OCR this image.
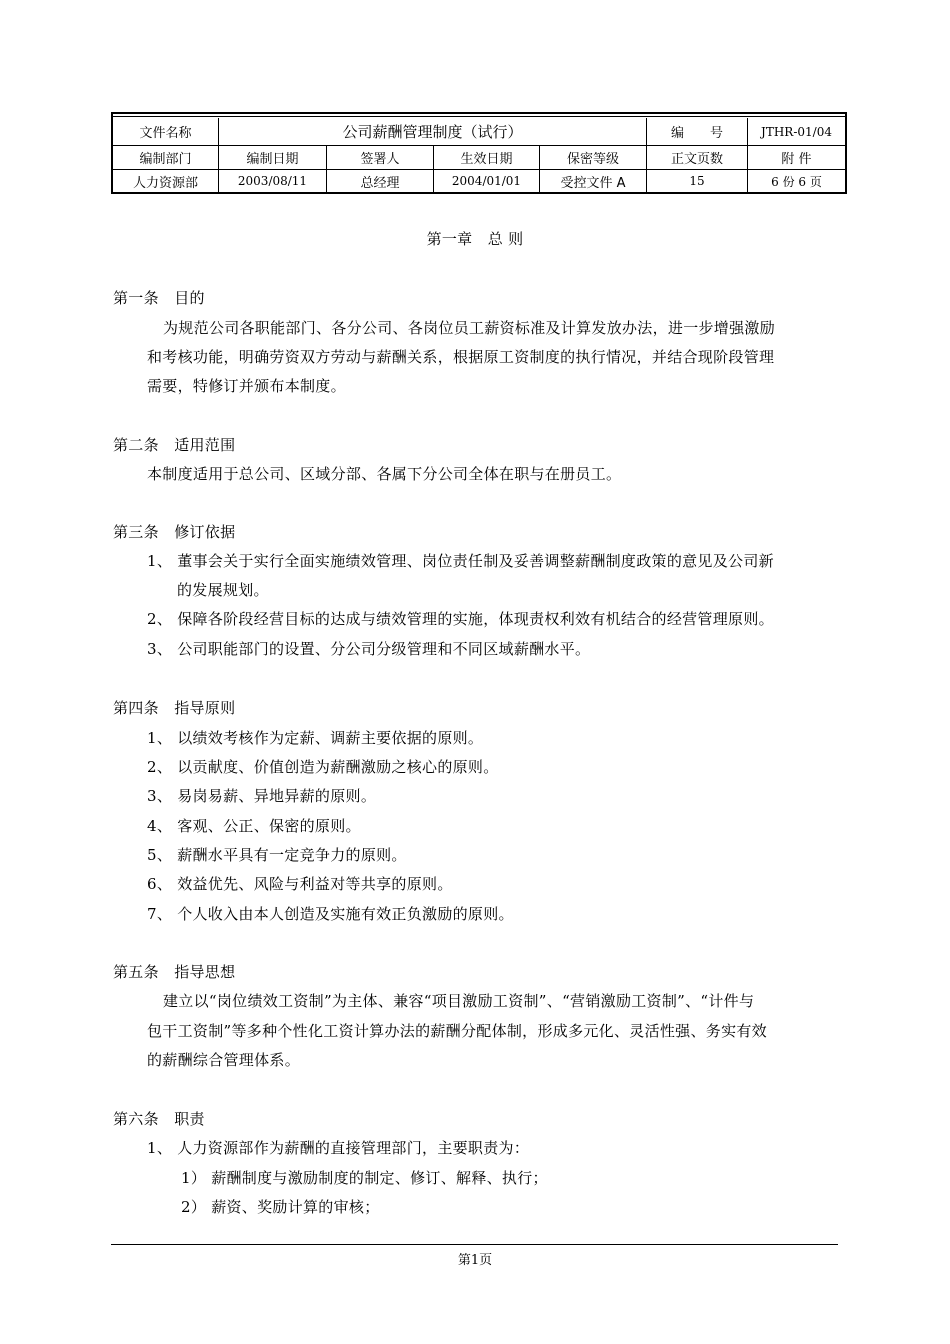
文件名称	公司薪酬管理制度（试行）	编　　号	JTHR-01/04
编制部门	编制日期	签署人	生效日期	保密等级	正文页数	附 件
人力资源部	2003/08/11	总经理	2004/01/01	受控文件 A	15	6 份 6 页
第一章　总 则
第一条　目的
为规范公司各职能部门、各分公司、各岗位员工薪资标准及计算发放办法，进一步增强激励
和考核功能，明确劳资双方劳动与薪酬关系，根据原工资制度的执行情况，并结合现阶段管理
需要，特修订并颁布本制度。
第二条　适用范围
本制度适用于总公司、区域分部、各属下分公司全体在职与在册员工。
第三条　修订依据
1、 董事会关于实行全面实施绩效管理、岗位责任制及妥善调整薪酬制度政策的意见及公司新
的发展规划。
2、 保障各阶段经营目标的达成与绩效管理的实施，体现责权利效有机结合的经营管理原则。
3、 公司职能部门的设置、分公司分级管理和不同区域薪酬水平。
第四条　指导原则
1、 以绩效考核作为定薪、调薪主要依据的原则。
2、 以贡献度、价值创造为薪酬激励之核心的原则。
3、 易岗易薪、异地异薪的原则。
4、 客观、公正、保密的原则。
5、 薪酬水平具有一定竞争力的原则。
6、 效益优先、风险与利益对等共享的原则。
7、 个人收入由本人创造及实施有效正负激励的原则。
第五条　指导思想
建立以“岗位绩效工资制”为主体、兼容“项目激励工资制”、“营销激励工资制”、“计件与
包干工资制”等多种个性化工资计算办法的薪酬分配体制，形成多元化、灵活性强、务实有效
的薪酬综合管理体系。
第六条　职责
1、 人力资源部作为薪酬的直接管理部门，主要职责为：
1） 薪酬制度与激励制度的制定、修订、解释、执行；
2） 薪资、奖励计算的审核；
第1页
